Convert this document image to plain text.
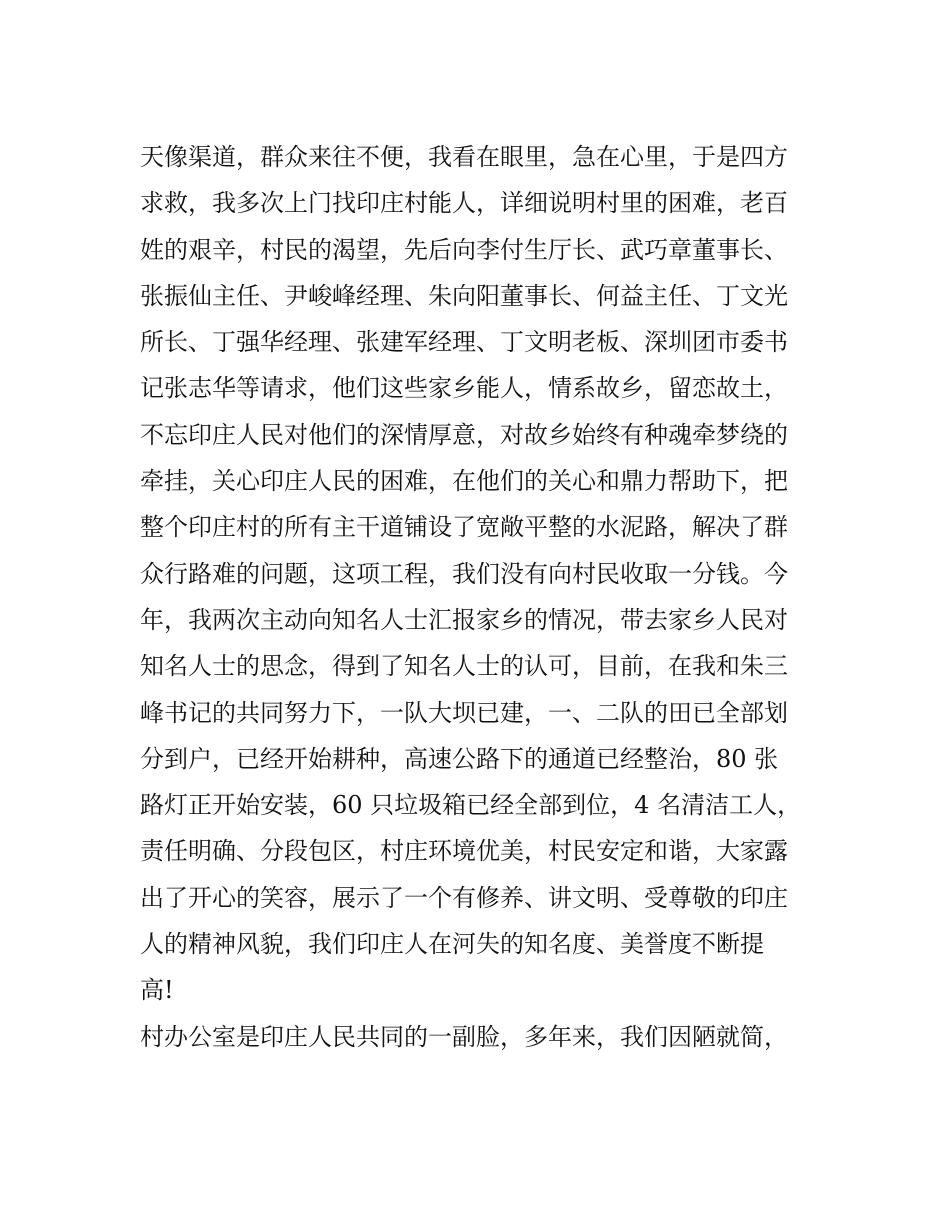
天像渠道，群众来往不便，我看在眼里，急在心里，于是四方
求救，我多次上门找印庄村能人，详细说明村里的困难，老百
姓的艰辛，村民的渴望，先后向李付生厅长、武巧章董事长、
张振仙主任、尹峻峰经理、朱向阳董事长、何益主任、丁文光
所长、丁强华经理、张建军经理、丁文明老板、深圳团市委书
记张志华等请求，他们这些家乡能人，情系故乡，留恋故土，
不忘印庄人民对他们的深情厚意，对故乡始终有种魂牵梦绕的
牵挂，关心印庄人民的困难，在他们的关心和鼎力帮助下，把
整个印庄村的所有主干道铺设了宽敞平整的水泥路，解决了群
众行路难的问题，这项工程，我们没有向村民收取一分钱。今
年，我两次主动向知名人士汇报家乡的情况，带去家乡人民对
知名人士的思念，得到了知名人士的认可，目前，在我和朱三
峰书记的共同努力下，一队大坝已建，一、二队的田已全部划
分到户，已经开始耕种，高速公路下的通道已经整治，80 张
路灯正开始安装，60 只垃圾箱已经全部到位，4 名清洁工人，
责任明确、分段包区，村庄环境优美，村民安定和谐，大家露
出了开心的笑容，展示了一个有修养、讲文明、受尊敬的印庄
人的精神风貌，我们印庄人在河失的知名度、美誉度不断提
高!
村办公室是印庄人民共同的一副脸，多年来，我们因陋就简，
